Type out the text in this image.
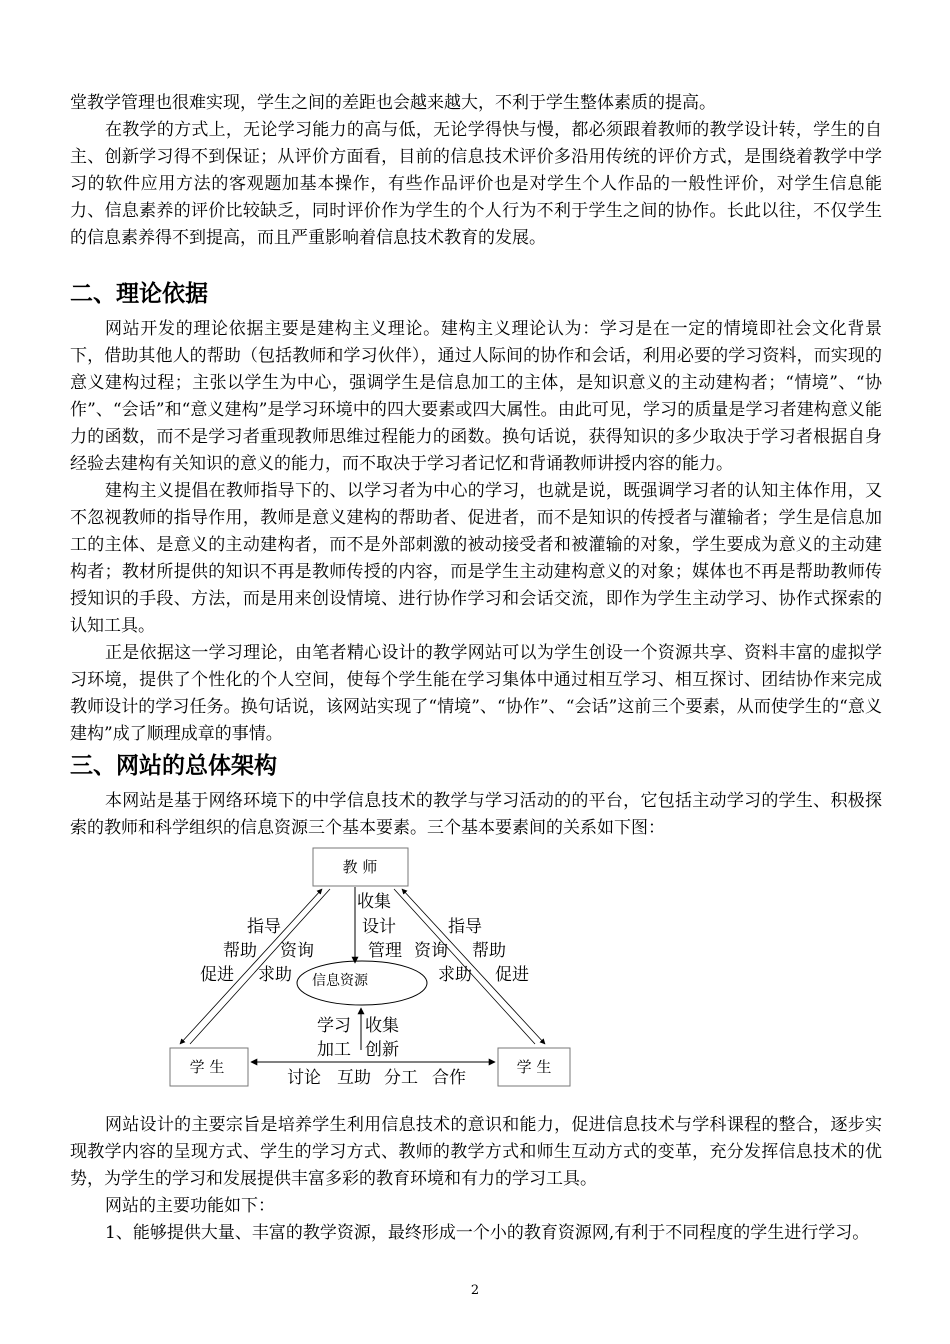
堂教学管理也很难实现，学生之间的差距也会越来越大，不利于学生整体素质的提高。

在教学的方式上，无论学习能力的高与低，无论学得快与慢，都必须跟着教师的教学设计转，学生的自主、创新学习得不到保证；从评价方面看，目前的信息技术评价多沿用传统的评价方式，是围绕着教学中学习的软件应用方法的客观题加基本操作，有些作品评价也是对学生个人作品的一般性评价，对学生信息能力、信息素养的评价比较缺乏，同时评价作为学生的个人行为不利于学生之间的协作。长此以往，不仅学生的信息素养得不到提高，而且严重影响着信息技术教育的发展。

二、理论依据

网站开发的理论依据主要是建构主义理论。建构主义理论认为：学习是在一定的情境即社会文化背景下，借助其他人的帮助（包括教师和学习伙伴），通过人际间的协作和会话，利用必要的学习资料，而实现的意义建构过程；主张以学生为中心，强调学生是信息加工的主体，是知识意义的主动建构者；“情境”、“协作”、“会话”和“意义建构”是学习环境中的四大要素或四大属性。由此可见，学习的质量是学习者建构意义能力的函数，而不是学习者重现教师思维过程能力的函数。换句话说，获得知识的多少取决于学习者根据自身经验去建构有关知识的意义的能力，而不取决于学习者记忆和背诵教师讲授内容的能力。

建构主义提倡在教师指导下的、以学习者为中心的学习，也就是说，既强调学习者的认知主体作用，又不忽视教师的指导作用，教师是意义建构的帮助者、促进者，而不是知识的传授者与灌输者；学生是信息加工的主体、是意义的主动建构者，而不是外部刺激的被动接受者和被灌输的对象，学生要成为意义的主动建构者；教材所提供的知识不再是教师传授的内容，而是学生主动建构意义的对象；媒体也不再是帮助教师传授知识的手段、方法，而是用来创设情境、进行协作学习和会话交流，即作为学生主动学习、协作式探索的认知工具。

正是依据这一学习理论，由笔者精心设计的教学网站可以为学生创设一个资源共享、资料丰富的虚拟学习环境，提供了个性化的个人空间，使每个学生能在学习集体中通过相互学习、相互探讨、团结协作来完成教师设计的学习任务。换句话说，该网站实现了“情境”、“协作”、“会话”这前三个要素，从而使学生的“意义建构”成了顺理成章的事情。

三、网站的总体架构

本网站是基于网络环境下的中学信息技术的教学与学习活动的的平台，它包括主动学习的学生、积极探索的教师和科学组织的信息资源三个基本要素。三个基本要素间的关系如下图：

教 师
学 生	学 生
信息资源
收集
设计
管理
指导
帮助
促进
资询
求助
资询
求助
指导
帮助
促进
学习
加工
收集
创新
讨论 互助 分工 合作

网站设计的主要宗旨是培养学生利用信息技术的意识和能力，促进信息技术与学科课程的整合，逐步实现教学内容的呈现方式、学生的学习方式、教师的教学方式和师生互动方式的变革，充分发挥信息技术的优势，为学生的学习和发展提供丰富多彩的教育环境和有力的学习工具。

网站的主要功能如下：

1、能够提供大量、丰富的教学资源，最终形成一个小的教育资源网,有利于不同程度的学生进行学习。

2
